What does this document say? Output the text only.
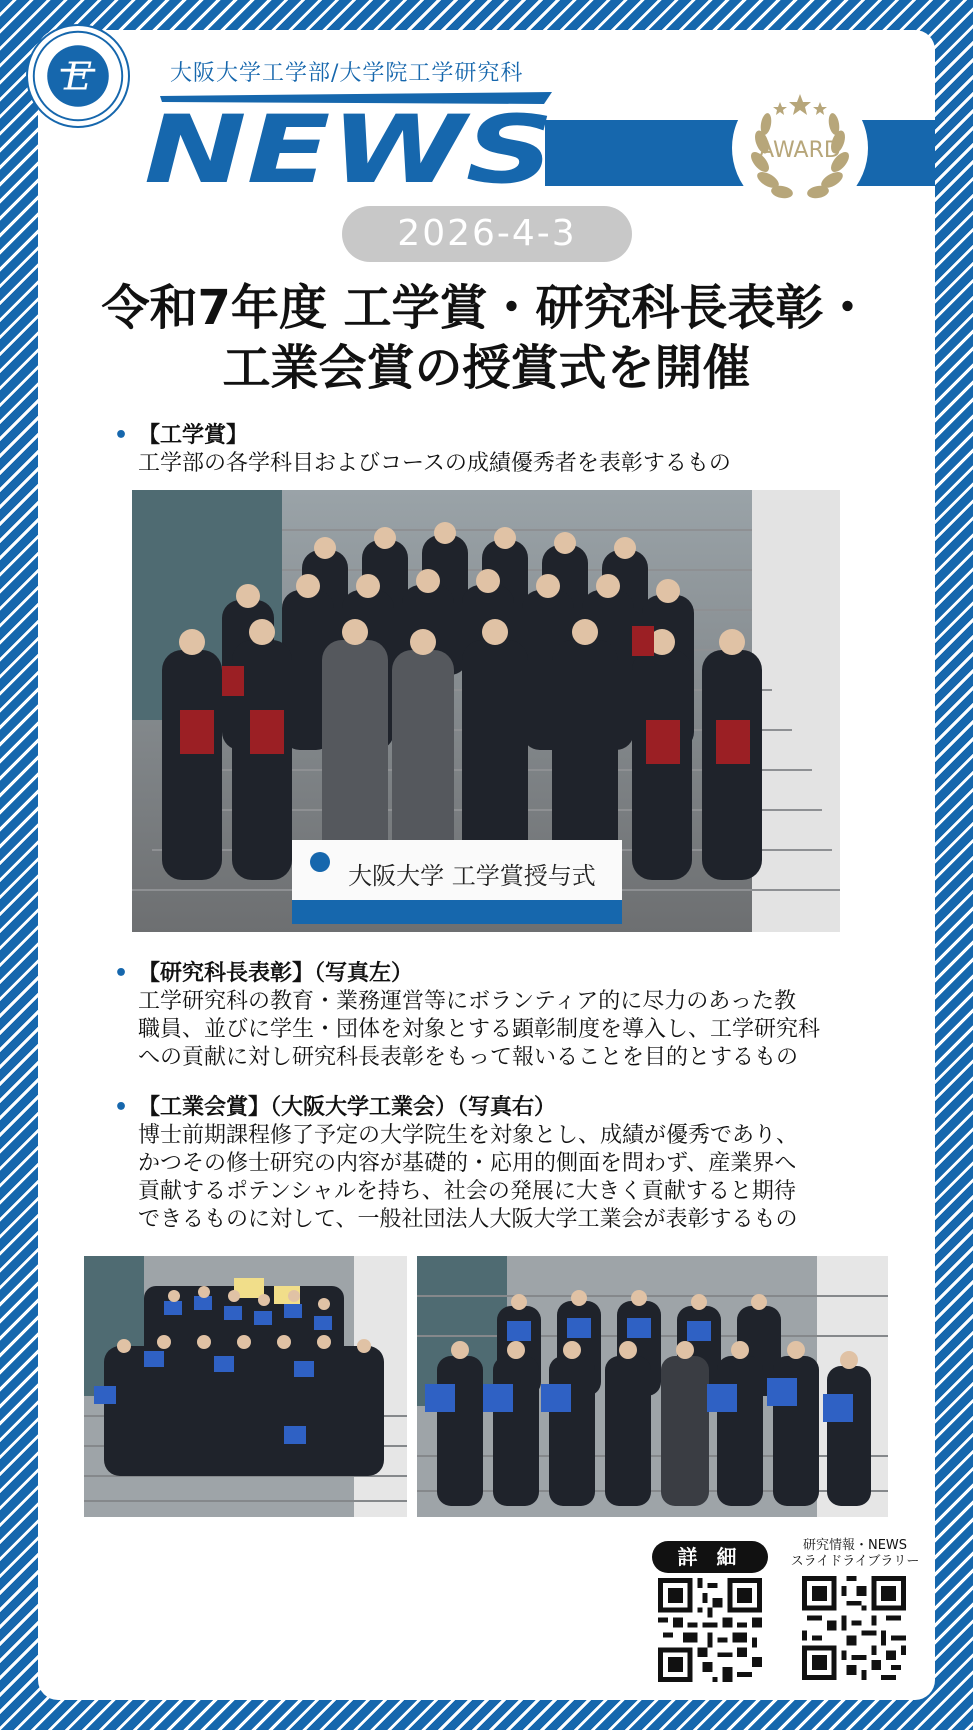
E	大阪大学工学部/大学院工学研究科
NEWS	AWARD
2026-4-3
令和7年度 工学賞・研究科長表彰・
工業会賞の授賞式を開催
• 【工学賞】
工学部の各学科目およびコースの成績優秀者を表彰するもの
大阪大学 工学賞授与式
• 【研究科長表彰】（写真左）
工学研究科の教育・業務運営等にボランティア的に尽力のあった教
職員、並びに学生・団体を対象とする顕彰制度を導入し、工学研究科
への貢献に対し研究科長表彰をもって報いることを目的とするもの
• 【工業会賞】（大阪大学工業会）（写真右）
博士前期課程修了予定の大学院生を対象とし、成績が優秀であり、
かつその修士研究の内容が基礎的・応用的側面を問わず、産業界へ
貢献するポテンシャルを持ち、社会の発展に大きく貢献すると期待
できるものに対して、一般社団法人大阪大学工業会が表彰するもの
詳 細	研究情報・NEWS
スライドライブラリー
